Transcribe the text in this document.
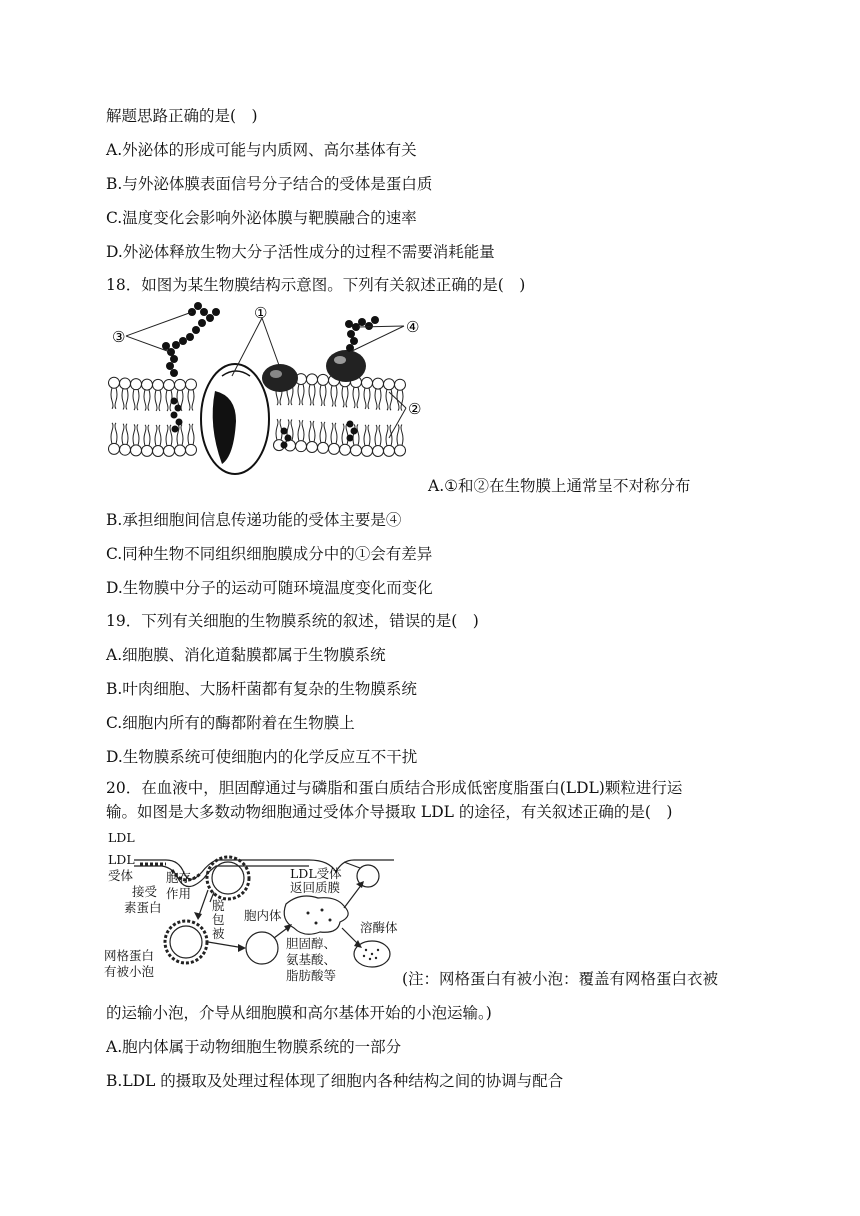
解题思路正确的是(　)
A.外泌体的形成可能与内质网、高尔基体有关
B.与外泌体膜表面信号分子结合的受体是蛋白质
C.温度变化会影响外泌体膜与靶膜融合的速率
D.外泌体释放生物大分子活性成分的过程不需要消耗能量
18．如图为某生物膜结构示意图。下列有关叙述正确的是(　)
③
①
④
②
A.①和②在生物膜上通常呈不对称分布
B.承担细胞间信息传递功能的受体主要是④
C.同种生物不同组织细胞膜成分中的①会有差异
D.生物膜中分子的运动可随环境温度变化而变化
19．下列有关细胞的生物膜系统的叙述，错误的是(　)
A.细胞膜、消化道黏膜都属于生物膜系统
B.叶肉细胞、大肠杆菌都有复杂的生物膜系统
C.细胞内所有的酶都附着在生物膜上
D.生物膜系统可使细胞内的化学反应互不干扰
20．在血液中，胆固醇通过与磷脂和蛋白质结合形成低密度脂蛋白(LDL)颗粒进行运
输。如图是大多数动物细胞通过受体介导摄取 LDL 的途径，有关叙述正确的是(　)
LDL
LDL
受体
接受
素蛋白
胞存
作用
脱
包
被
LDL受体
返回质膜
胞内体
溶酶体
胆固醇、
氨基酸、
脂肪酸等
网格蛋白
有被小泡	(注：网格蛋白有被小泡：覆盖有网格蛋白衣被
的运输小泡，介导从细胞膜和高尔基体开始的小泡运输。)
A.胞内体属于动物细胞生物膜系统的一部分
B.LDL 的摄取及处理过程体现了细胞内各种结构之间的协调与配合
